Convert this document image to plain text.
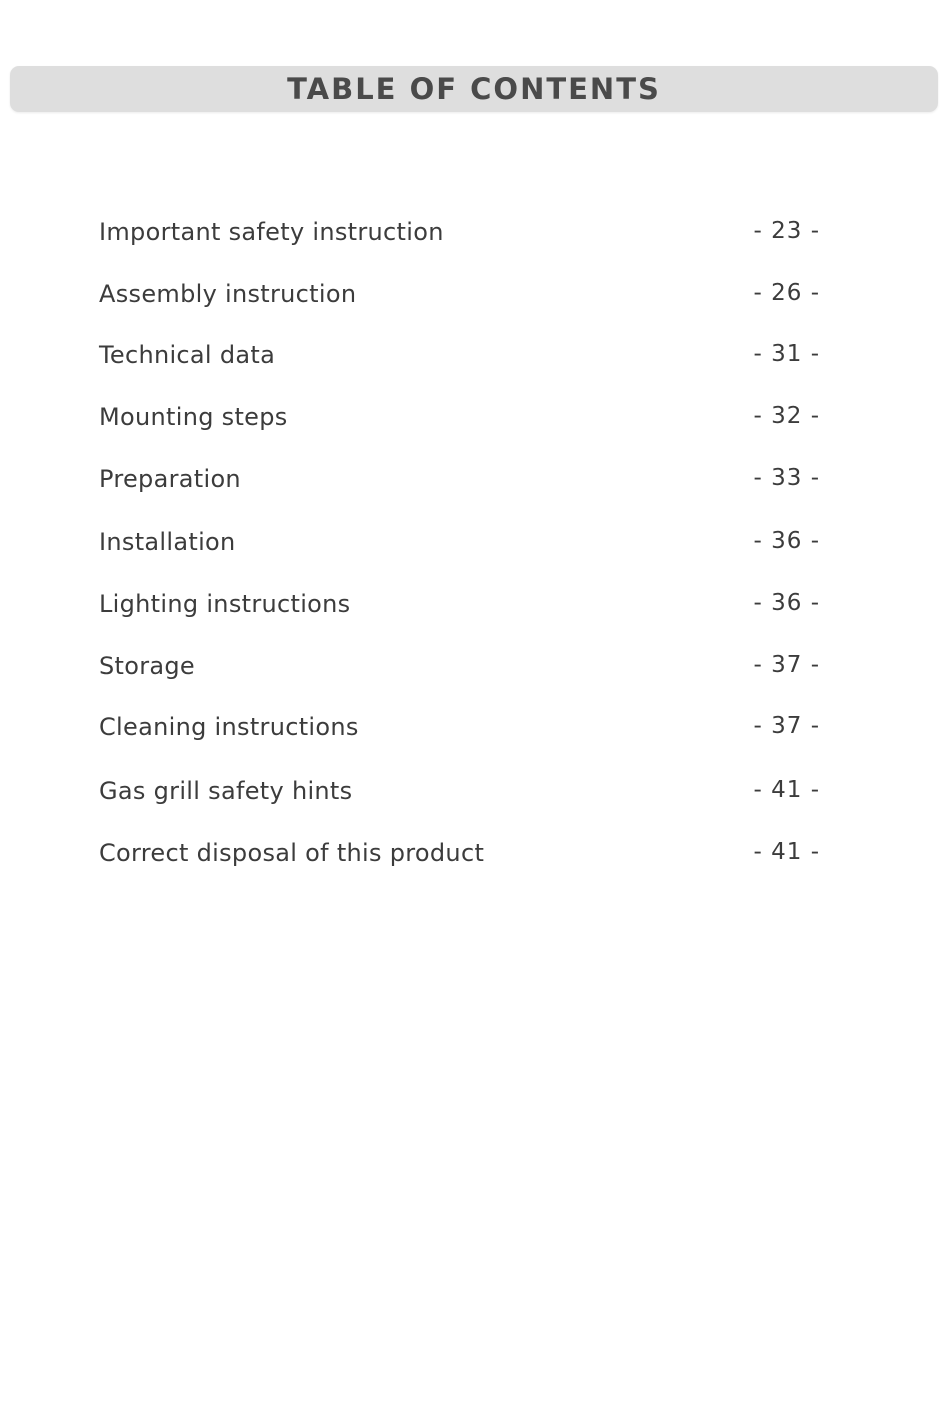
TABLE OF CONTENTS
Important safety instruction	- 23 -
Assembly instruction	- 26 -
Technical data	- 31 -
Mounting steps	- 32 -
Preparation	- 33 -
Installation	- 36 -
Lighting instructions	- 36 -
Storage	- 37 -
Cleaning instructions	- 37 -
Gas grill safety hints	- 41 -
Correct disposal of this product	- 41 -
